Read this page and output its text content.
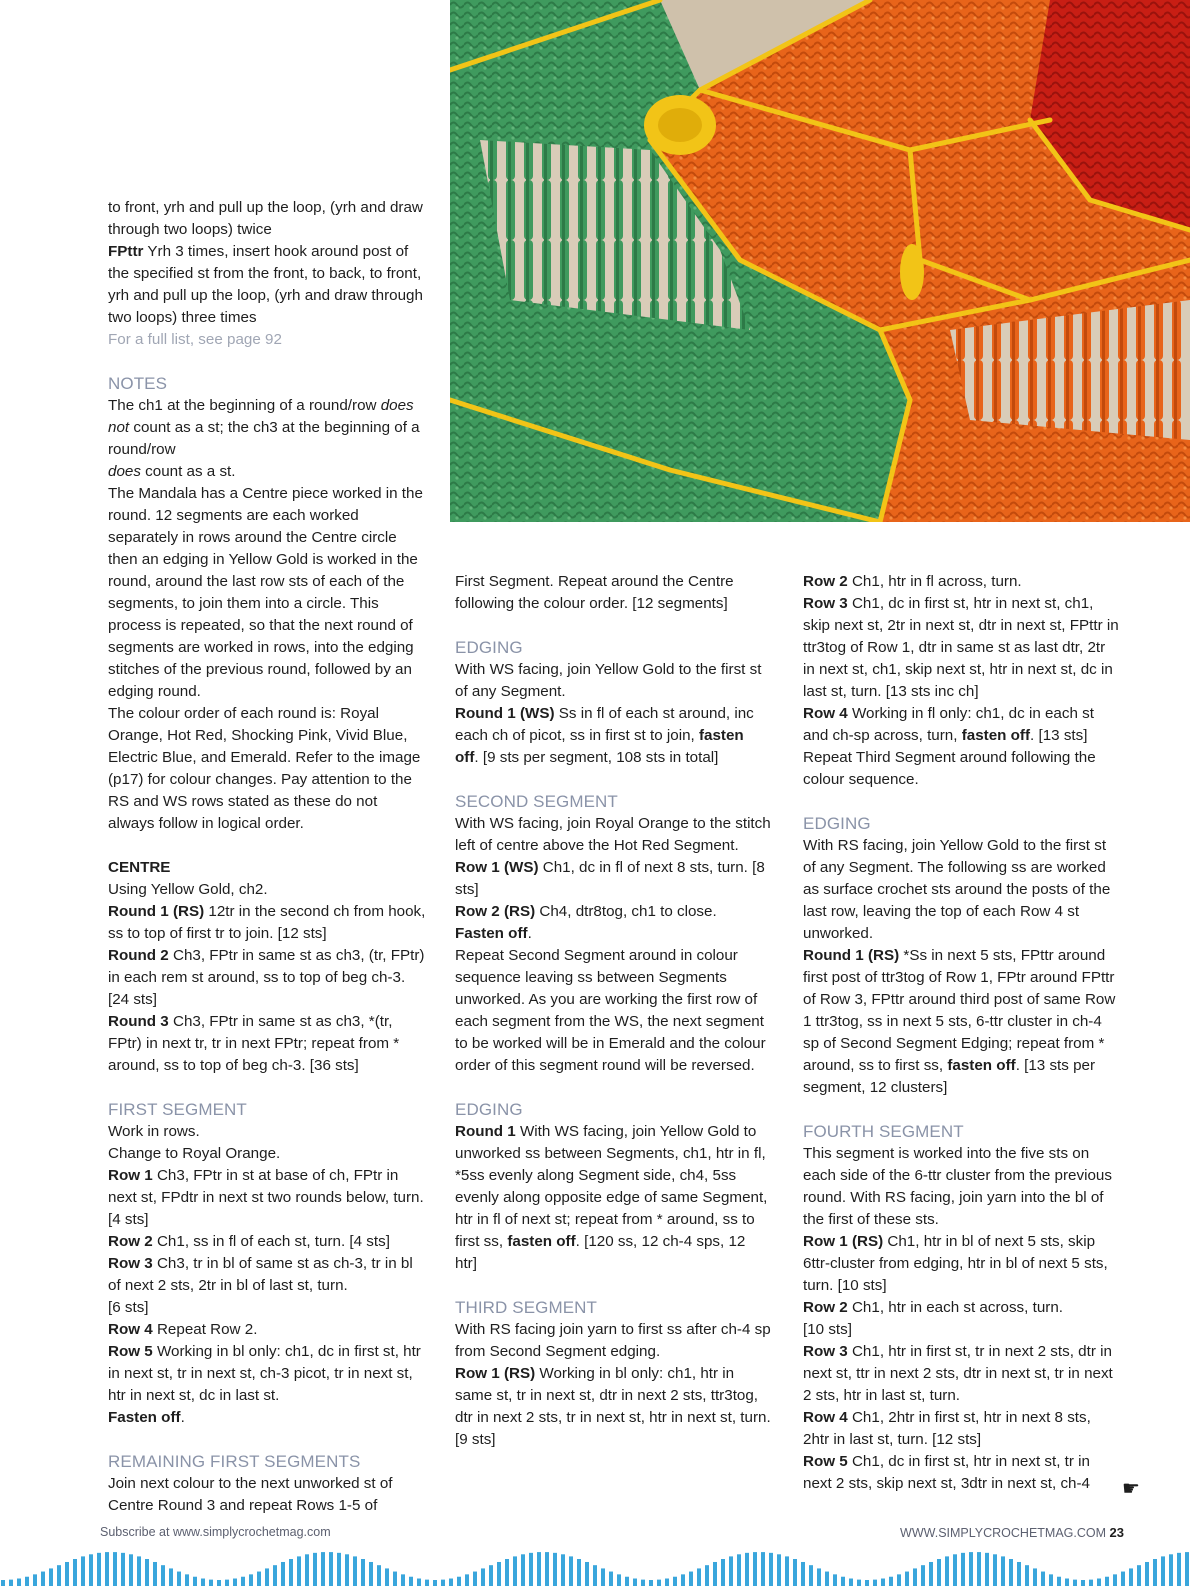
to front, yrh and pull up the loop, (yrh and draw through two loops) twice

FPttr Yrh 3 times, insert hook around post of the specified st from the front, to back, to front, yrh and pull up the loop, (yrh and draw through two loops) three times

For a full list, see page 92

NOTES

The ch1 at the beginning of a round/row does not count as a st; the ch3 at the beginning of a round/row

does count as a st.

The Mandala has a Centre piece worked in the round. 12 segments are each worked separately in rows around the Centre circle then an edging in Yellow Gold is worked in the round, around the last row sts of each of the segments, to join them into a circle. This process is repeated, so that the next round of segments are worked in rows, into the edging stitches of the previous round, followed by an edging round.

The colour order of each round is: Royal Orange, Hot Red, Shocking Pink, Vivid Blue, Electric Blue, and Emerald. Refer to the image (p17) for colour changes. Pay attention to the RS and WS rows stated as these do not always follow in logical order.

CENTRE

Using Yellow Gold, ch2.

Round 1 (RS) 12tr in the second ch from hook, ss to top of first tr to join. [12 sts]

Round 2 Ch3, FPtr in same st as ch3, (tr, FPtr) in each rem st around, ss to top of beg ch-3. [24 sts]

Round 3 Ch3, FPtr in same st as ch3, *(tr, FPtr) in next tr, tr in next FPtr; repeat from * around, ss to top of beg ch-3. [36 sts]

FIRST SEGMENT

Work in rows.

Change to Royal Orange.

Row 1 Ch3, FPtr in st at base of ch, FPtr in next st, FPdtr in next st two rounds below, turn. [4 sts]

Row 2 Ch1, ss in fl of each st, turn. [4 sts]

Row 3 Ch3, tr in bl of same st as ch-3, tr in bl of next 2 sts, 2tr in bl of last st, turn.

[6 sts]

Row 4 Repeat Row 2.

Row 5 Working in bl only: ch1, dc in first st, htr in next st, tr in next st, ch-3 picot, tr in next st, htr in next st, dc in last st.

Fasten off.

REMAINING FIRST SEGMENTS

Join next colour to the next unworked st of Centre Round 3 and repeat Rows 1-5 of

First Segment. Repeat around the Centre following the colour order. [12 segments]

EDGING

With WS facing, join Yellow Gold to the first st of any Segment.

Round 1 (WS) Ss in fl of each st around, inc each ch of picot, ss in first st to join, fasten off. [9 sts per segment, 108 sts in total]

SECOND SEGMENT

With WS facing, join Royal Orange to the stitch left of centre above the Hot Red Segment.

Row 1 (WS) Ch1, dc in fl of next 8 sts, turn. [8 sts]

Row 2 (RS) Ch4, dtr8tog, ch1 to close.

Fasten off.

Repeat Second Segment around in colour sequence leaving ss between Segments unworked. As you are working the first row of each segment from the WS, the next segment to be worked will be in Emerald and the colour order of this segment round will be reversed.

EDGING

Round 1 With WS facing, join Yellow Gold to unworked ss between Segments, ch1, htr in fl, *5ss evenly along Segment side, ch4, 5ss evenly along opposite edge of same Segment, htr in fl of next st; repeat from * around, ss to first ss, fasten off. [120 ss, 12 ch-4 sps, 12 htr]

THIRD SEGMENT

With RS facing join yarn to first ss after ch-4 sp from Second Segment edging.

Row 1 (RS) Working in bl only: ch1, htr in same st, tr in next st, dtr in next 2 sts, ttr3tog, dtr in next 2 sts, tr in next st, htr in next st, turn. [9 sts]

Row 2 Ch1, htr in fl across, turn.

Row 3 Ch1, dc in first st, htr in next st, ch1, skip next st, 2tr in next st, dtr in next st, FPttr in ttr3tog of Row 1, dtr in same st as last dtr, 2tr in next st, ch1, skip next st, htr in next st, dc in last st, turn. [13 sts inc ch]

Row 4 Working in fl only: ch1, dc in each st and ch-sp across, turn, fasten off. [13 sts]

Repeat Third Segment around following the colour sequence.

EDGING

With RS facing, join Yellow Gold to the first st of any Segment. The following ss are worked as surface crochet sts around the posts of the last row, leaving the top of each Row 4 st unworked.

Round 1 (RS) *Ss in next 5 sts, FPttr around first post of ttr3tog of Row 1, FPtr around FPttr of Row 3, FPttr around third post of same Row 1 ttr3tog, ss in next 5 sts, 6-ttr cluster in ch-4 sp of Second Segment Edging; repeat from * around, ss to first ss, fasten off. [13 sts per segment, 12 clusters]

FOURTH SEGMENT

This segment is worked into the five sts on each side of the 6-ttr cluster from the previous round. With RS facing, join yarn into the bl of the first of these sts.

Row 1 (RS) Ch1, htr in bl of next 5 sts, skip 6ttr-cluster from edging, htr in bl of next 5 sts, turn. [10 sts]

Row 2 Ch1, htr in each st across, turn.

[10 sts]

Row 3 Ch1, htr in first st, tr in next 2 sts, dtr in next st, ttr in next 2 sts, dtr in next st, tr in next 2 sts, htr in last st, turn.

Row 4 Ch1, 2htr in first st, htr in next 8 sts, 2htr in last st, turn. [12 sts]

Row 5 Ch1, dc in first st, htr in next st, tr in next 2 sts, skip next st, 3dtr in next st, ch-4	☛
Subscribe at www.simplycrochetmag.com	WWW.SIMPLYCROCHETMAG.COM 23
